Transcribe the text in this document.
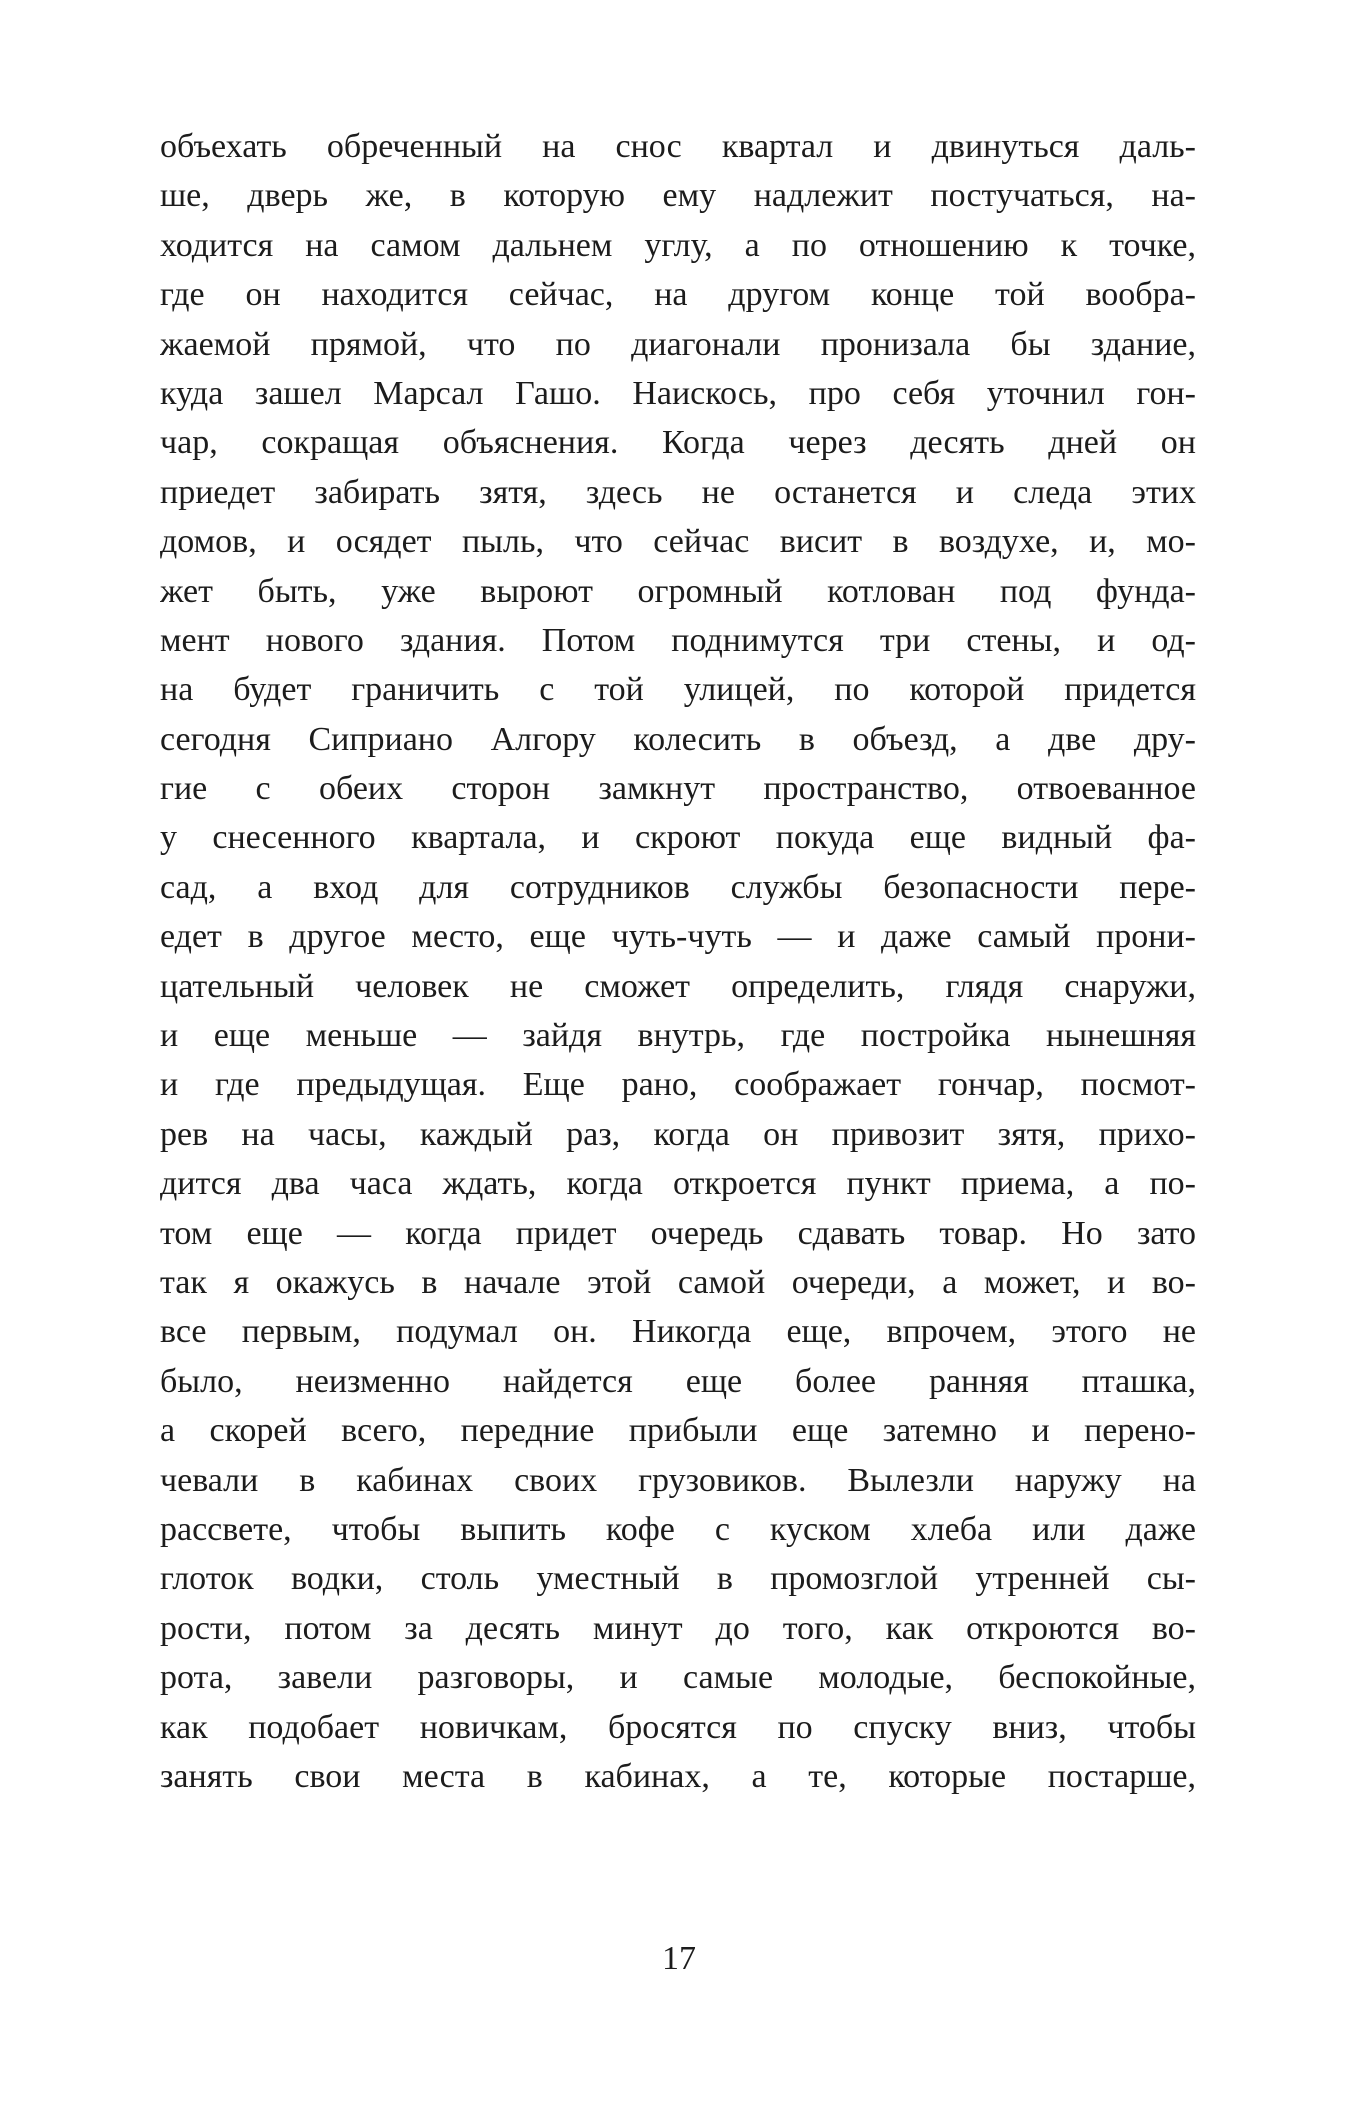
объехать обреченный на снос квартал и двинуться даль-
ше, дверь же, в которую ему надлежит постучаться, на-
ходится на самом дальнем углу, а по отношению к точке,
где он находится сейчас, на другом конце той вообра-
жаемой прямой, что по диагонали пронизала бы здание,
куда зашел Марсал Гашо. Наискось, про себя уточнил гон-
чар, сокращая объяснения. Когда через десять дней он
приедет забирать зятя, здесь не останется и следа этих
домов, и осядет пыль, что сейчас висит в воздухе, и, мо-
жет быть, уже выроют огромный котлован под фунда-
мент нового здания. Потом поднимутся три стены, и од-
на будет граничить с той улицей, по которой придется
сегодня Сиприано Алгору колесить в объезд, а две дру-
гие с обеих сторон замкнут пространство, отвоеванное
у снесенного квартала, и скроют покуда еще видный фа-
сад, а вход для сотрудников службы безопасности пере-
едет в другое место, еще чуть-чуть — и даже самый прони-
цательный человек не сможет определить, глядя снаружи,
и еще меньше — зайдя внутрь, где постройка нынешняя
и где предыдущая. Еще рано, соображает гончар, посмот-
рев на часы, каждый раз, когда он привозит зятя, прихо-
дится два часа ждать, когда откроется пункт приема, а по-
том еще — когда придет очередь сдавать товар. Но зато
так я окажусь в начале этой самой очереди, а может, и во-
все первым, подумал он. Никогда еще, впрочем, этого не
было, неизменно найдется еще более ранняя пташка,
а скорей всего, передние прибыли еще затемно и перено-
чевали в кабинах своих грузовиков. Вылезли наружу на
рассвете, чтобы выпить кофе с куском хлеба или даже
глоток водки, столь уместный в промозглой утренней сы-
рости, потом за десять минут до того, как откроются во-
рота, завели разговоры, и самые молодые, беспокойные,
как подобает новичкам, бросятся по спуску вниз, чтобы
занять свои места в кабинах, а те, которые постарше,
17
